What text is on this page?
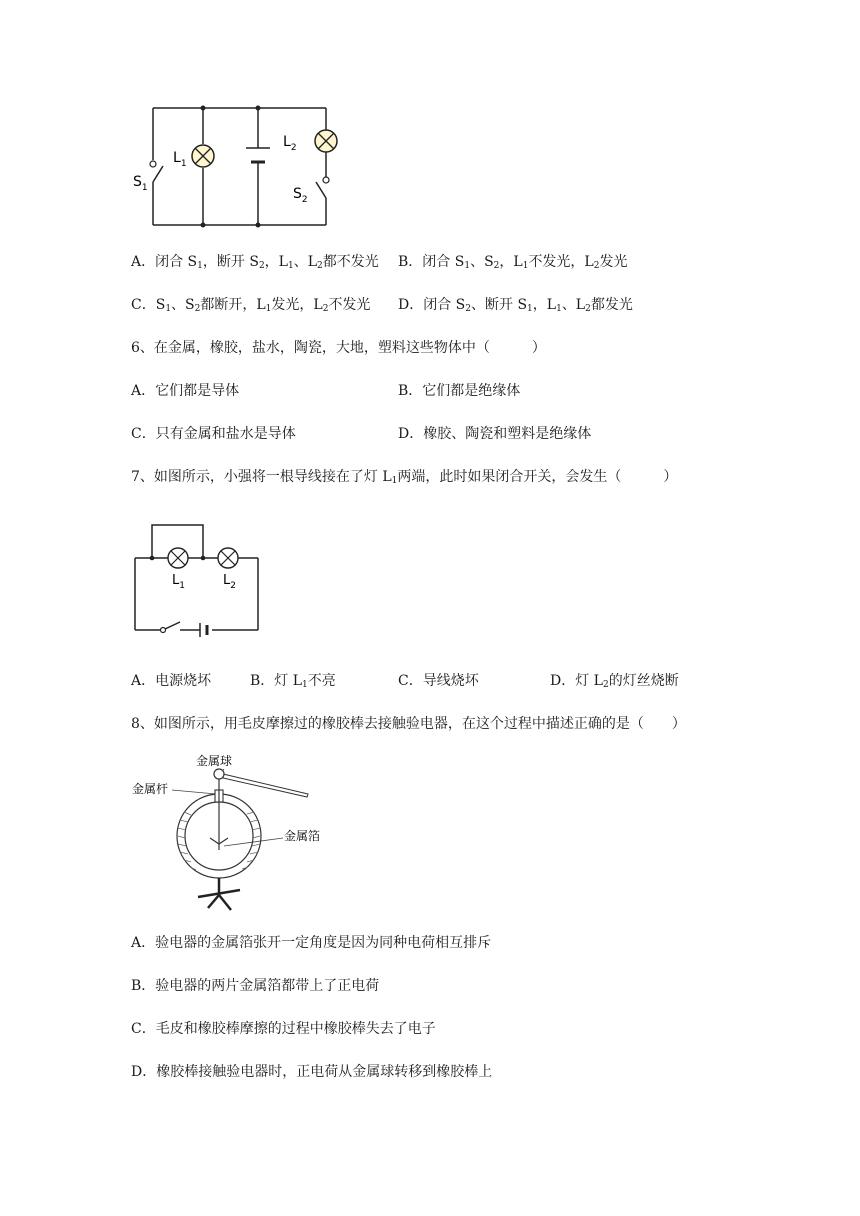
$L_1$
$L_2$
$S_1$	$S_2$
A．闭合 $S_1$，断开 $S_2$，$L_1$、$L_2$都不发光 B．闭合 $S_1$、$S_2$，$L_1$不发光，$L_2$发光
C．$S_1$、$S_2$都断开，$L_1$发光，$L_2$不发光 D．闭合 $S_2$、断开 $S_1$，$L_1$、$L_2$都发光
6、在金属，橡胶，盐水，陶瓷，大地，塑料这些物体中（　　　）
A．它们都是导体	B．它们都是绝缘体
C．只有金属和盐水是导体	D．橡胶、陶瓷和塑料是绝缘体
7、如图所示，小强将一根导线接在了灯 $L_1$两端，此时如果闭合开关，会发生（　　　）
$L_1$	$L_2$
A．电源烧坏	B．灯 $L_1$不亮	C．导线烧坏	D．灯 $L_2$的灯丝烧断
8、如图所示，用毛皮摩擦过的橡胶棒去接触验电器，在这个过程中描述正确的是（　　）
金属球
金属杆
金属箔
A．验电器的金属箔张开一定角度是因为同种电荷相互排斥
B．验电器的两片金属箔都带上了正电荷
C．毛皮和橡胶棒摩擦的过程中橡胶棒失去了电子
D．橡胶棒接触验电器时，正电荷从金属球转移到橡胶棒上
